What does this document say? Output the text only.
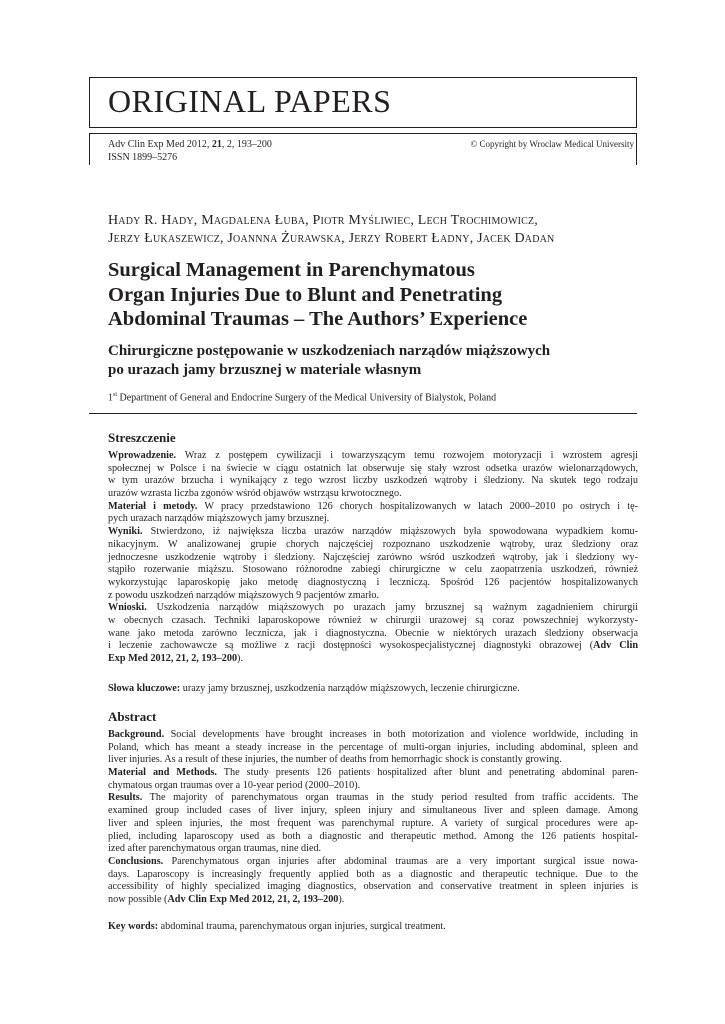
ORIGINAL PAPERS
Adv Clin Exp Med 2012, 21, 2, 193–200
ISSN 1899–5276
© Copyright by Wroclaw Medical University
Hady R. Hady, Magdalena Łuba, Piotr Myśliwiec, Lech Trochimowicz,
Jerzy Łukaszewicz, Joannna Żurawska, Jerzy Robert Ładny, Jacek Dadan
Surgical Management in Parenchymatous
Organ Injuries Due to Blunt and Penetrating
Abdominal Traumas – The Authors’ Experience
Chirurgiczne postępowanie w uszkodzeniach narządów miąższowych
po urazach jamy brzusznej w materiale własnym
1st Department of General and Endocrine Surgery of the Medical University of Bialystok, Poland
Streszczenie
Wprowadzenie. Wraz z postępem cywilizacji i towarzyszącym temu rozwojem motoryzacji i wzrostem agresji
społecznej w Polsce i na świecie w ciągu ostatnich lat obserwuje się stały wzrost odsetka urazów wielonarządowych,
w tym urazów brzucha i wynikający z tego wzrost liczby uszkodzeń wątroby i śledziony. Na skutek tego rodzaju
urazów wzrasta liczba zgonów wśród objawów wstrząsu krwotocznego.
Materiał i metody. W pracy przedstawiono 126 chorych hospitalizowanych w latach 2000–2010 po ostrych i tę-
pych urazach narządów miąższowych jamy brzusznej.
Wyniki. Stwierdzono, iż największa liczba urazów narządów miąższowych była spowodowana wypadkiem komu-
nikacyjnym. W analizowanej grupie chorych najczęściej rozpoznano uszkodzenie wątroby, uraz śledziony oraz
jednoczesne uszkodzenie wątroby i śledziony. Najczęściej zarówno wśród uszkodzeń wątroby, jak i śledziony wy-
stąpiło rozerwanie miąższu. Stosowano różnorodne zabiegi chirurgiczne w celu zaopatrzenia uszkodzeń, również
wykorzystując laparoskopię jako metodę diagnostyczną i leczniczą. Spośród 126 pacjentów hospitalizowanych
z powodu uszkodzeń narządów miąższowych 9 pacjentów zmarło.
Wnioski. Uszkodzenia narządów miąższowych po urazach jamy brzusznej są ważnym zagadnieniem chirurgii
w obecnych czasach. Techniki laparoskopowe również w chirurgii urazowej są coraz powszechniej wykorzysty-
wane jako metoda zarówno lecznicza, jak i diagnostyczna. Obecnie w niektórych urazach śledziony obserwacja
i leczenie zachowawcze są możliwe z racji dostępności wysokospecjalistycznej diagnostyki obrazowej (Adv Clin
Exp Med 2012, 21, 2, 193–200).
Słowa kluczowe: urazy jamy brzusznej, uszkodzenia narządów miąższowych, leczenie chirurgiczne.
Abstract
Background. Social developments have brought increases in both motorization and violence worldwide, including in
Poland, which has meant a steady increase in the percentage of multi-organ injuries, including abdominal, spleen and
liver injuries. As a result of these injuries, the number of deaths from hemorrhagic shock is constantly growing.
Material and Methods. The study presents 126 patients hospitalized after blunt and penetrating abdominal paren-
chymatous organ traumas over a 10-year period (2000–2010).
Results. The majority of parenchymatous organ traumas in the study period resulted from traffic accidents. The
examined group included cases of liver injury, spleen injury and simultaneous liver and spleen damage. Among
liver and spleen injuries, the most frequent was parenchymal rupture. A variety of surgical procedures were ap-
plied, including laparoscopy used as both a diagnostic and therapeutic method. Among the 126 patients hospital-
ized after parenchymatous organ traumas, nine died.
Conclusions. Parenchymatous organ injuries after abdominal traumas are a very important surgical issue nowa-
days. Laparoscopy is increasingly frequently applied both as a diagnostic and therapeutic technique. Due to the
accessibility of highly specialized imaging diagnostics, observation and conservative treatment in spleen injuries is
now possible (Adv Clin Exp Med 2012, 21, 2, 193–200).
Key words: abdominal trauma, parenchymatous organ injuries, surgical treatment.
